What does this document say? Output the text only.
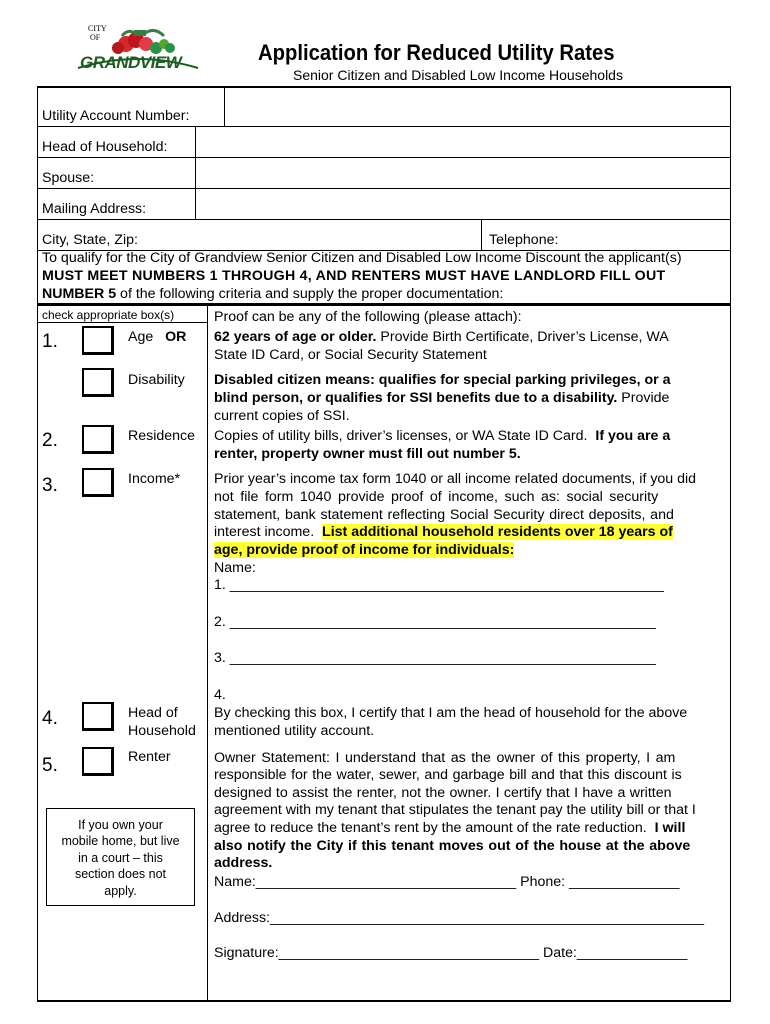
CITY
OF
GRANDVIEW	Application for Reduced Utility Rates
Senior Citizen and Disabled Low Income Households
Utility Account Number:
Head of Household:
Spouse:
Mailing Address:
City, State, Zip:	Telephone:
To qualify for the City of Grandview Senior Citizen and Disabled Low Income Discount the applicant(s)
MUST MEET NUMBERS 1 THROUGH 4, AND RENTERS MUST HAVE LANDLORD FILL OUT
NUMBER 5 of the following criteria and supply the proper documentation:
check appropriate box(s)	Proof can be any of the following (please attach):
1.	Age OR 62 years of age or older. Provide Birth Certificate, Driver’s License, WA
State ID Card, or Social Security Statement
Disability Disabled citizen means: qualifies for special parking privileges, or a
blind person, or qualifies for SSI benefits due to a disability. Provide
current copies of SSI.
2.	Residence Copies of utility bills, driver’s licenses, or WA State ID Card. If you are a
renter, property owner must fill out number 5.
3.	Income* Prior year’s income tax form 1040 or all income related documents, if you did
not file form 1040 provide proof of income, such as: social security
statement, bank statement reflecting Social Security direct deposits, and
interest income. List additional household residents over 18 years of
age, provide proof of income for individuals:
Name:
1. _______________________________________________________
2. ______________________________________________________
3. ______________________________________________________
4.
4.	Head of
Household
By checking this box, I certify that I am the head of household for the above
mentioned utility account.
5.	Renter	Owner Statement: I understand that as the owner of this property, I am
responsible for the water, sewer, and garbage bill and that this discount is
designed to assist the renter, not the owner. I certify that I have a written
agreement with my tenant that stipulates the tenant pay the utility bill or that I
agree to reduce the tenant’s rent by the amount of the rate reduction. I will
also notify the City if this tenant moves out of the house at the above
address.
Name:_________________________________ Phone: ______________
Address:_______________________________________________________
Signature:_________________________________ Date:______________
If you own your
mobile home, but live
in a court – this
section does not
apply.
